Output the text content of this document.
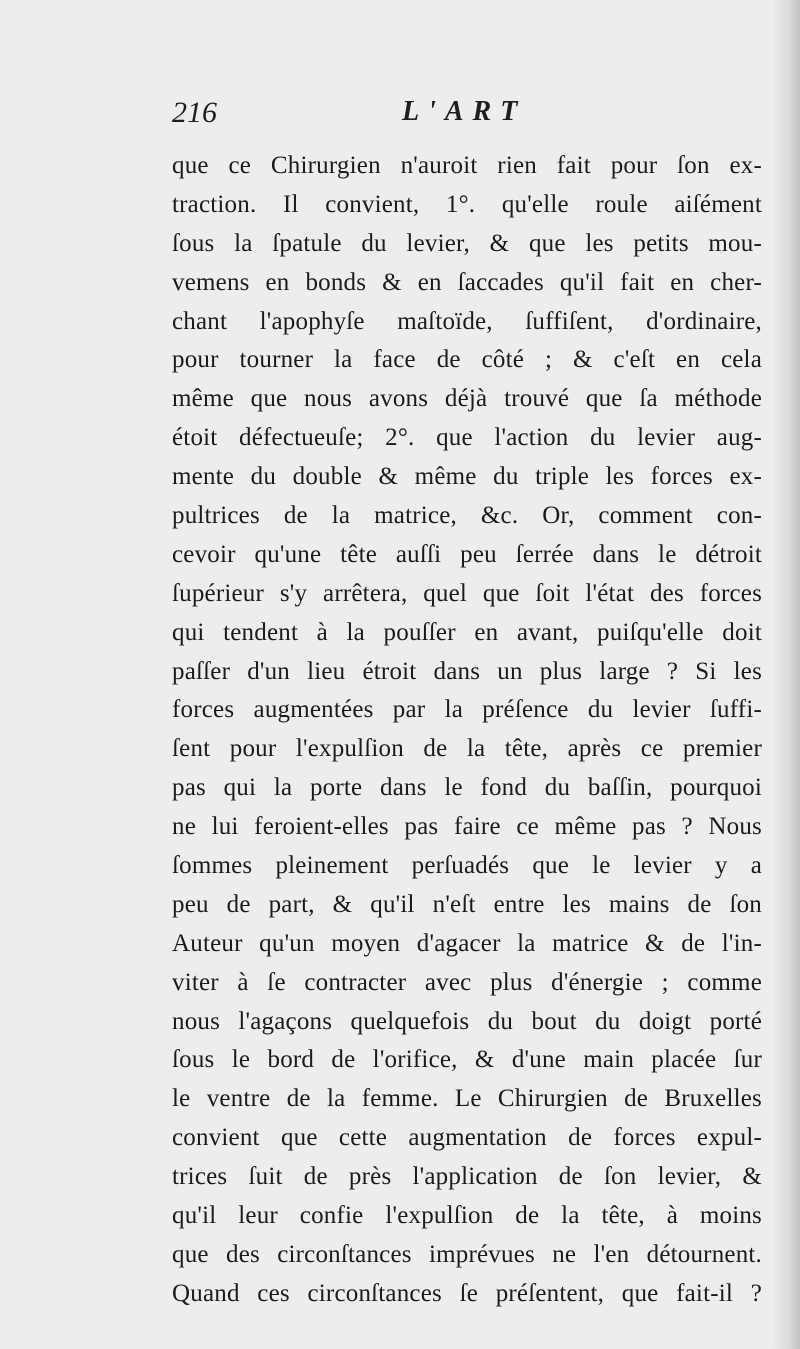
216	L'ART
que ce Chirurgien n'auroit rien fait pour ſon ex-
traction. Il convient, 1°. qu'elle roule aiſément
ſous la ſpatule du levier, & que les petits mou-
vemens en bonds & en ſaccades qu'il fait en cher-
chant l'apophyſe maſtoïde, ſuffiſent, d'ordinaire,
pour tourner la face de côté ; & c'eſt en cela
même que nous avons déjà trouvé que ſa méthode
étoit défectueuſe; 2°. que l'action du levier aug-
mente du double & même du triple les forces ex-
pultrices de la matrice, &c. Or, comment con-
cevoir qu'une tête auſſi peu ſerrée dans le détroit
ſupérieur s'y arrêtera, quel que ſoit l'état des forces
qui tendent à la pouſſer en avant, puiſqu'elle doit
paſſer d'un lieu étroit dans un plus large ? Si les
forces augmentées par la préſence du levier ſuffi-
ſent pour l'expulſion de la tête, après ce premier
pas qui la porte dans le fond du baſſin, pourquoi
ne lui feroient-elles pas faire ce même pas ? Nous
ſommes pleinement perſuadés que le levier y a
peu de part, & qu'il n'eſt entre les mains de ſon
Auteur qu'un moyen d'agacer la matrice & de l'in-
viter à ſe contracter avec plus d'énergie ; comme
nous l'agaçons quelquefois du bout du doigt porté
ſous le bord de l'orifice, & d'une main placée ſur
le ventre de la femme. Le Chirurgien de Bruxelles
convient que cette augmentation de forces expul-
trices ſuit de près l'application de ſon levier, &
qu'il leur confie l'expulſion de la tête, à moins
que des circonſtances imprévues ne l'en détournent.
Quand ces circonſtances ſe préſentent, que fait-il ?
